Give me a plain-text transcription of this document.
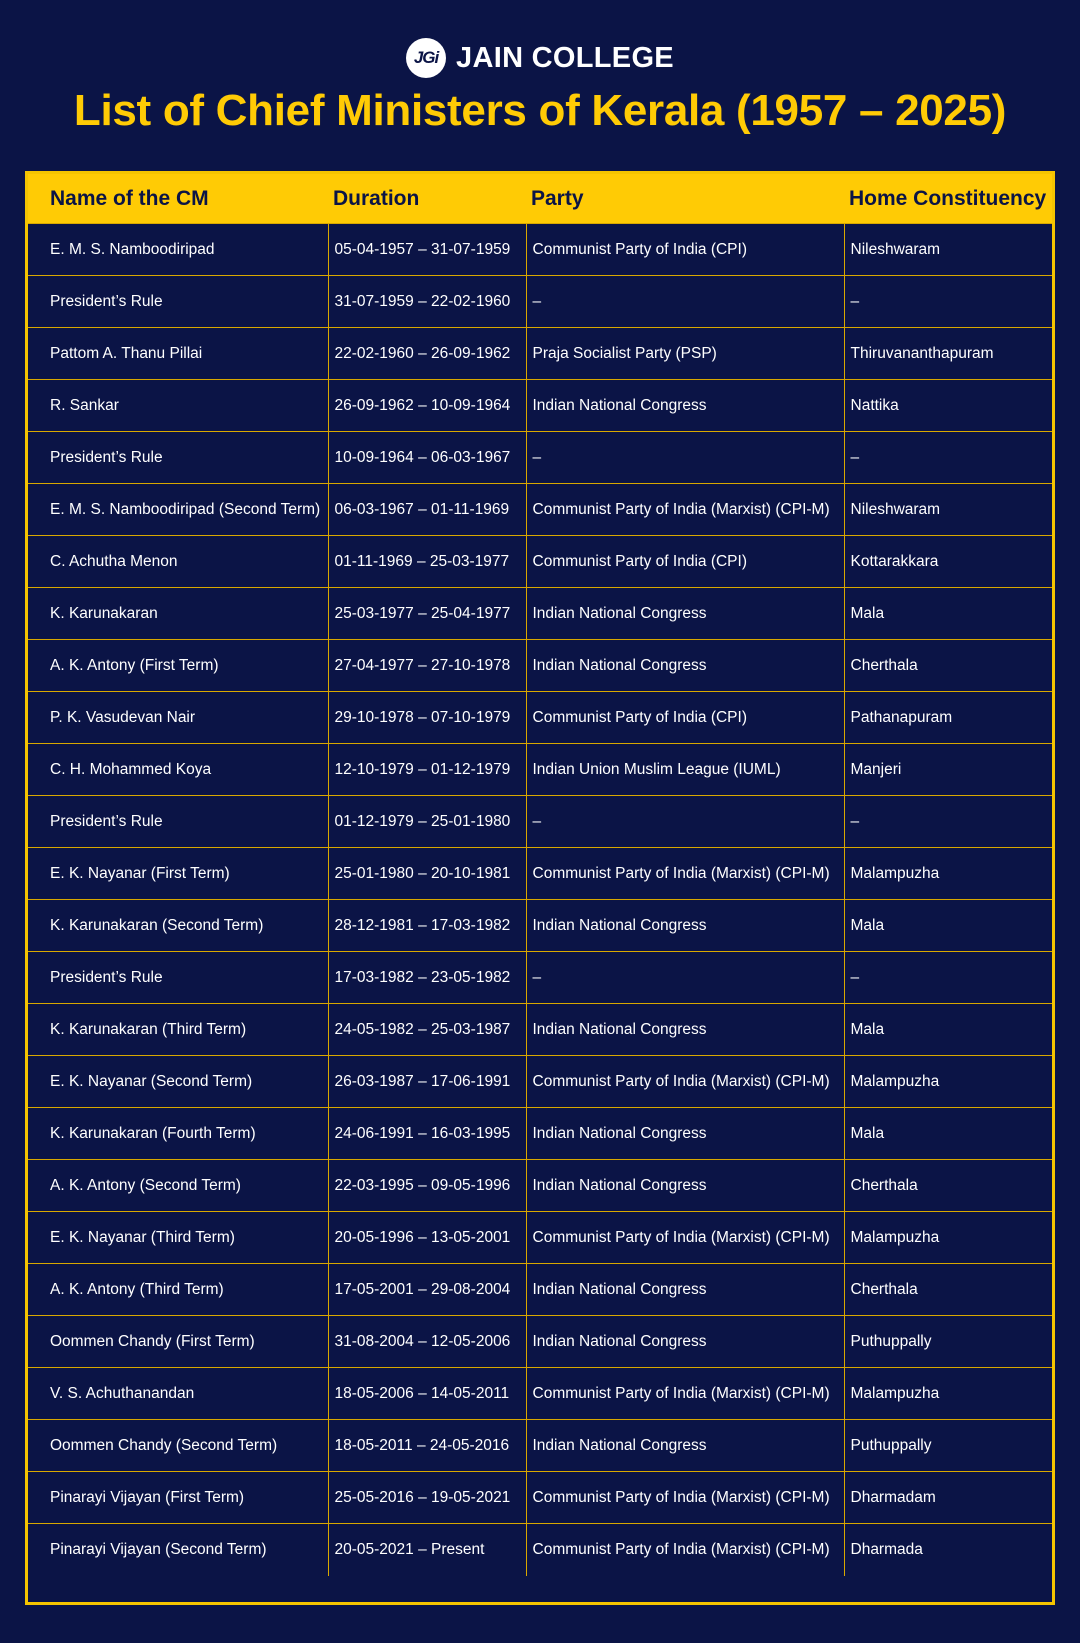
JGi JAIN COLLEGE
List of Chief Ministers of Kerala (1957 – 2025)
Name of the CM	Duration	Party	Home Constituency
E. M. S. Namboodiripad	05-04-1957 – 31-07-1959	Communist Party of India (CPI)	Nileshwaram
President’s Rule	31-07-1959 – 22-02-1960	–	–
Pattom A. Thanu Pillai	22-02-1960 – 26-09-1962	Praja Socialist Party (PSP)	Thiruvananthapuram
R. Sankar	26-09-1962 – 10-09-1964	Indian National Congress	Nattika
President’s Rule	10-09-1964 – 06-03-1967	–	–
E. M. S. Namboodiripad (Second Term)	06-03-1967 – 01-11-1969	Communist Party of India (Marxist) (CPI-M)	Nileshwaram
C. Achutha Menon	01-11-1969 – 25-03-1977	Communist Party of India (CPI)	Kottarakkara
K. Karunakaran	25-03-1977 – 25-04-1977	Indian National Congress	Mala
A. K. Antony (First Term)	27-04-1977 – 27-10-1978	Indian National Congress	Cherthala
P. K. Vasudevan Nair	29-10-1978 – 07-10-1979	Communist Party of India (CPI)	Pathanapuram
C. H. Mohammed Koya	12-10-1979 – 01-12-1979	Indian Union Muslim League (IUML)	Manjeri
President’s Rule	01-12-1979 – 25-01-1980	–	–
E. K. Nayanar (First Term)	25-01-1980 – 20-10-1981	Communist Party of India (Marxist) (CPI-M)	Malampuzha
K. Karunakaran (Second Term)	28-12-1981 – 17-03-1982	Indian National Congress	Mala
President’s Rule	17-03-1982 – 23-05-1982	–	–
K. Karunakaran (Third Term)	24-05-1982 – 25-03-1987	Indian National Congress	Mala
E. K. Nayanar (Second Term)	26-03-1987 – 17-06-1991	Communist Party of India (Marxist) (CPI-M)	Malampuzha
K. Karunakaran (Fourth Term)	24-06-1991 – 16-03-1995	Indian National Congress	Mala
A. K. Antony (Second Term)	22-03-1995 – 09-05-1996	Indian National Congress	Cherthala
E. K. Nayanar (Third Term)	20-05-1996 – 13-05-2001	Communist Party of India (Marxist) (CPI-M)	Malampuzha
A. K. Antony (Third Term)	17-05-2001 – 29-08-2004	Indian National Congress	Cherthala
Oommen Chandy (First Term)	31-08-2004 – 12-05-2006	Indian National Congress	Puthuppally
V. S. Achuthanandan	18-05-2006 – 14-05-2011	Communist Party of India (Marxist) (CPI-M)	Malampuzha
Oommen Chandy (Second Term)	18-05-2011 – 24-05-2016	Indian National Congress	Puthuppally
Pinarayi Vijayan (First Term)	25-05-2016 – 19-05-2021	Communist Party of India (Marxist) (CPI-M)	Dharmadam
Pinarayi Vijayan (Second Term)	20-05-2021 – Present	Communist Party of India (Marxist) (CPI-M)	Dharmada
